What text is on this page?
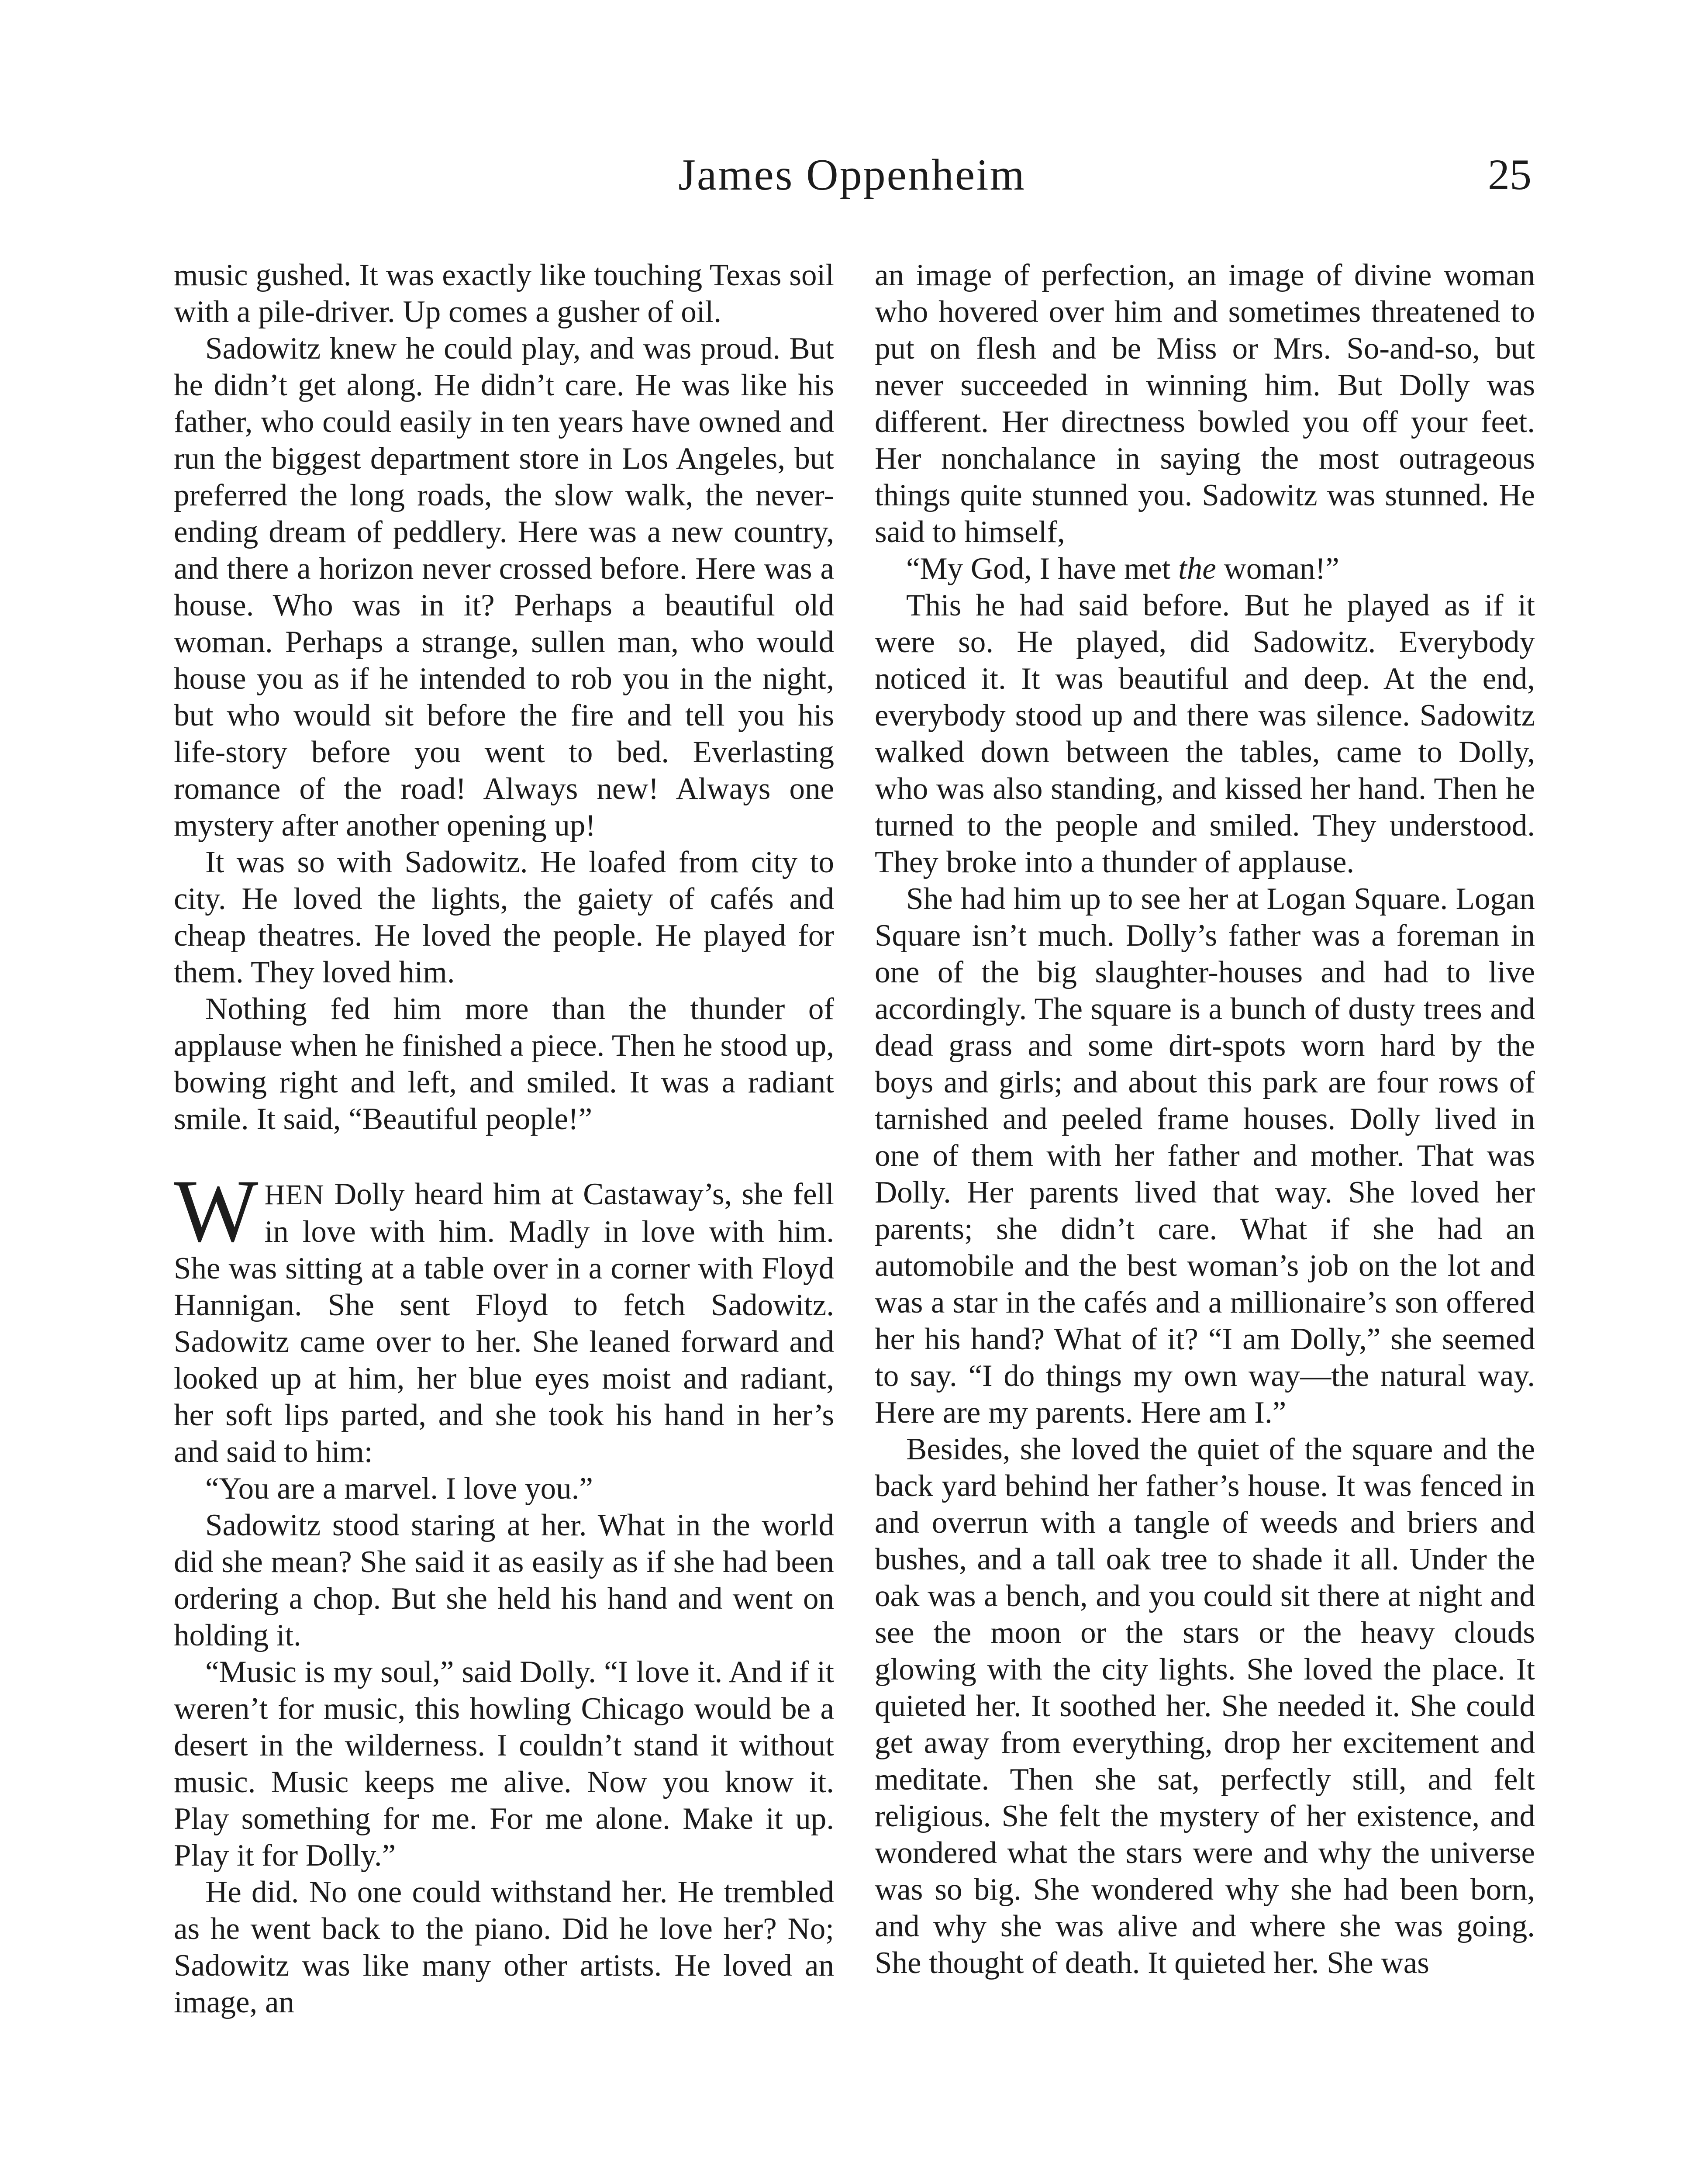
James Oppenheim	25

music gushed. It was exactly like touching Texas soil with a pile-driver. Up comes a gusher of oil.

Sadowitz knew he could play, and was proud. But he didn’t get along. He didn’t care. He was like his father, who could easily in ten years have owned and run the biggest department store in Los Angeles, but preferred the long roads, the slow walk, the never-ending dream of peddlery. Here was a new country, and there a horizon never crossed before. Here was a house. Who was in it? Perhaps a beautiful old woman. Perhaps a strange, sullen man, who would house you as if he intended to rob you in the night, but who would sit before the fire and tell you his life-story before you went to bed. Everlasting romance of the road! Always new! Always one mystery after another opening up!

It was so with Sadowitz. He loafed from city to city. He loved the lights, the gaiety of cafés and cheap theatres. He loved the people. He played for them. They loved him.

Nothing fed him more than the thunder of applause when he finished a piece. Then he stood up, bowing right and left, and smiled. It was a radiant smile. It said, “Beautiful people!”

WHEN Dolly heard him at Castaway’s, she fell in love with him. Madly in love with him. She was sitting at a table over in a corner with Floyd Hannigan. She sent Floyd to fetch Sadowitz. Sadowitz came over to her. She leaned forward and looked up at him, her blue eyes moist and radiant, her soft lips parted, and she took his hand in her’s and said to him:

“You are a marvel. I love you.”

Sadowitz stood staring at her. What in the world did she mean? She said it as easily as if she had been ordering a chop. But she held his hand and went on holding it.

“Music is my soul,” said Dolly. “I love it. And if it weren’t for music, this howling Chicago would be a desert in the wilderness. I couldn’t stand it without music. Music keeps me alive. Now you know it. Play something for me. For me alone. Make it up. Play it for Dolly.”

He did. No one could withstand her. He trembled as he went back to the piano. Did he love her? No; Sadowitz was like many other artists. He loved an image, an

an image of perfection, an image of divine woman who hovered over him and sometimes threatened to put on flesh and be Miss or Mrs. So-and-so, but never succeeded in winning him. But Dolly was different. Her directness bowled you off your feet. Her nonchalance in saying the most outrageous things quite stunned you. Sadowitz was stunned. He said to himself,

“My God, I have met the woman!”

This he had said before. But he played as if it were so. He played, did Sadowitz. Everybody noticed it. It was beautiful and deep. At the end, everybody stood up and there was silence. Sadowitz walked down between the tables, came to Dolly, who was also standing, and kissed her hand. Then he turned to the people and smiled. They understood. They broke into a thunder of applause.

She had him up to see her at Logan Square. Logan Square isn’t much. Dolly’s father was a foreman in one of the big slaughter-houses and had to live accordingly. The square is a bunch of dusty trees and dead grass and some dirt-spots worn hard by the boys and girls; and about this park are four rows of tarnished and peeled frame houses. Dolly lived in one of them with her father and mother. That was Dolly. Her parents lived that way. She loved her parents; she didn’t care. What if she had an automobile and the best woman’s job on the lot and was a star in the cafés and a millionaire’s son offered her his hand? What of it? “I am Dolly,” she seemed to say. “I do things my own way—the natural way. Here are my parents. Here am I.”

Besides, she loved the quiet of the square and the back yard behind her father’s house. It was fenced in and overrun with a tangle of weeds and briers and bushes, and a tall oak tree to shade it all. Under the oak was a bench, and you could sit there at night and see the moon or the stars or the heavy clouds glowing with the city lights. She loved the place. It quieted her. It soothed her. She needed it. She could get away from everything, drop her excitement and meditate. Then she sat, perfectly still, and felt religious. She felt the mystery of her existence, and wondered what the stars were and why the universe was so big. She wondered why she had been born, and why she was alive and where she was going. She thought of death. It quieted her. She was
